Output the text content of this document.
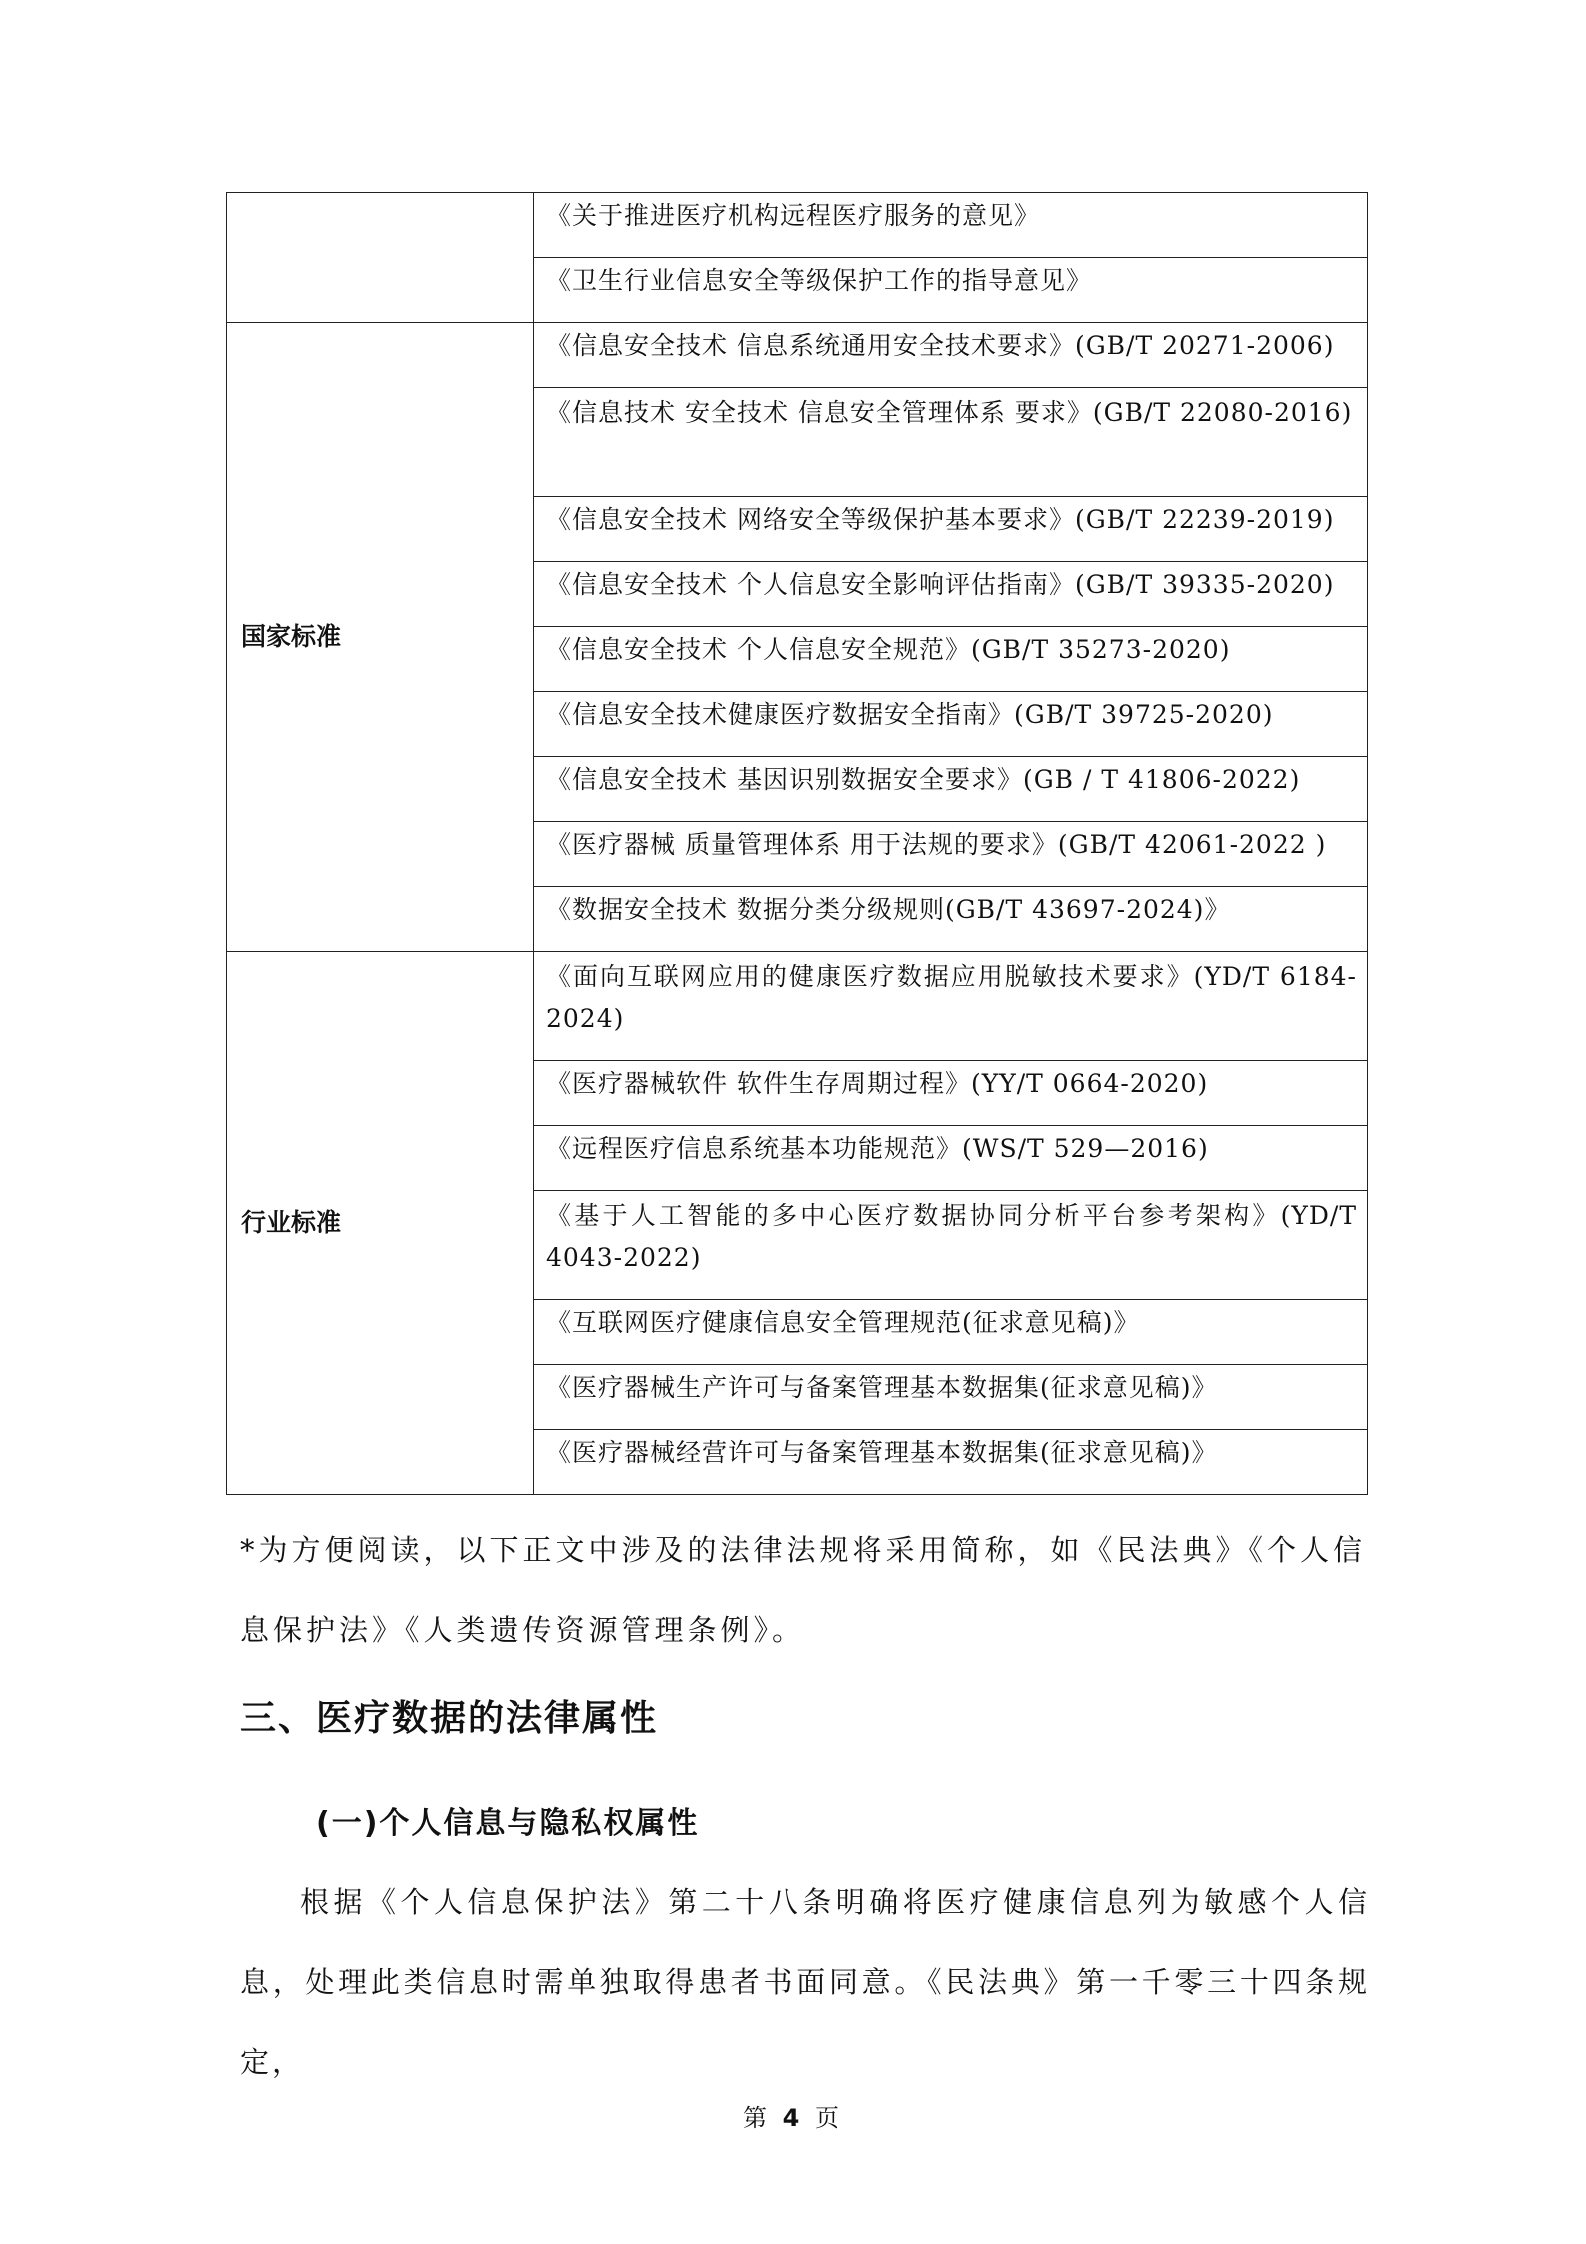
	《关于推进医疗机构远程医疗服务的意见》

	《卫生行业信息安全等级保护工作的指导意见》

国家标准	《信息安全技术 信息系统通用安全技术要求》(GB/T 20271-2006)

	《信息技术 安全技术 信息安全管理体系 要求》(GB/T 22080-2016)

	《信息安全技术 网络安全等级保护基本要求》(GB/T 22239-2019)

	《信息安全技术 个人信息安全影响评估指南》(GB/T 39335-2020)

	《信息安全技术 个人信息安全规范》(GB/T 35273-2020)

	《信息安全技术健康医疗数据安全指南》(GB/T 39725-2020)

	《信息安全技术 基因识别数据安全要求》(GB / T 41806-2022)

	《医疗器械 质量管理体系 用于法规的要求》(GB/T 42061-2022 )

	《数据安全技术 数据分类分级规则(GB/T 43697-2024)》

行业标准	《面向互联网应用的健康医疗数据应用脱敏技术要求》(YD/T 6184-2024)

	《医疗器械软件 软件生存周期过程》(YY/T 0664-2020)

	《远程医疗信息系统基本功能规范》(WS/T 529—2016)

	《基于人工智能的多中心医疗数据协同分析平台参考架构》(YD/T 4043-2022)

	《互联网医疗健康信息安全管理规范(征求意见稿)》

	《医疗器械生产许可与备案管理基本数据集(征求意见稿)》

	《医疗器械经营许可与备案管理基本数据集(征求意见稿)》
*为方便阅读，以下正文中涉及的法律法规将采用简称，如《民法典》《个人信息保护法》《人类遗传资源管理条例》。
三、医疗数据的法律属性
(一)个人信息与隐私权属性
根据《个人信息保护法》第二十八条明确将医疗健康信息列为敏感个人信息，处理此类信息时需单独取得患者书面同意。《民法典》第一千零三十四条规定，
第 4 页
